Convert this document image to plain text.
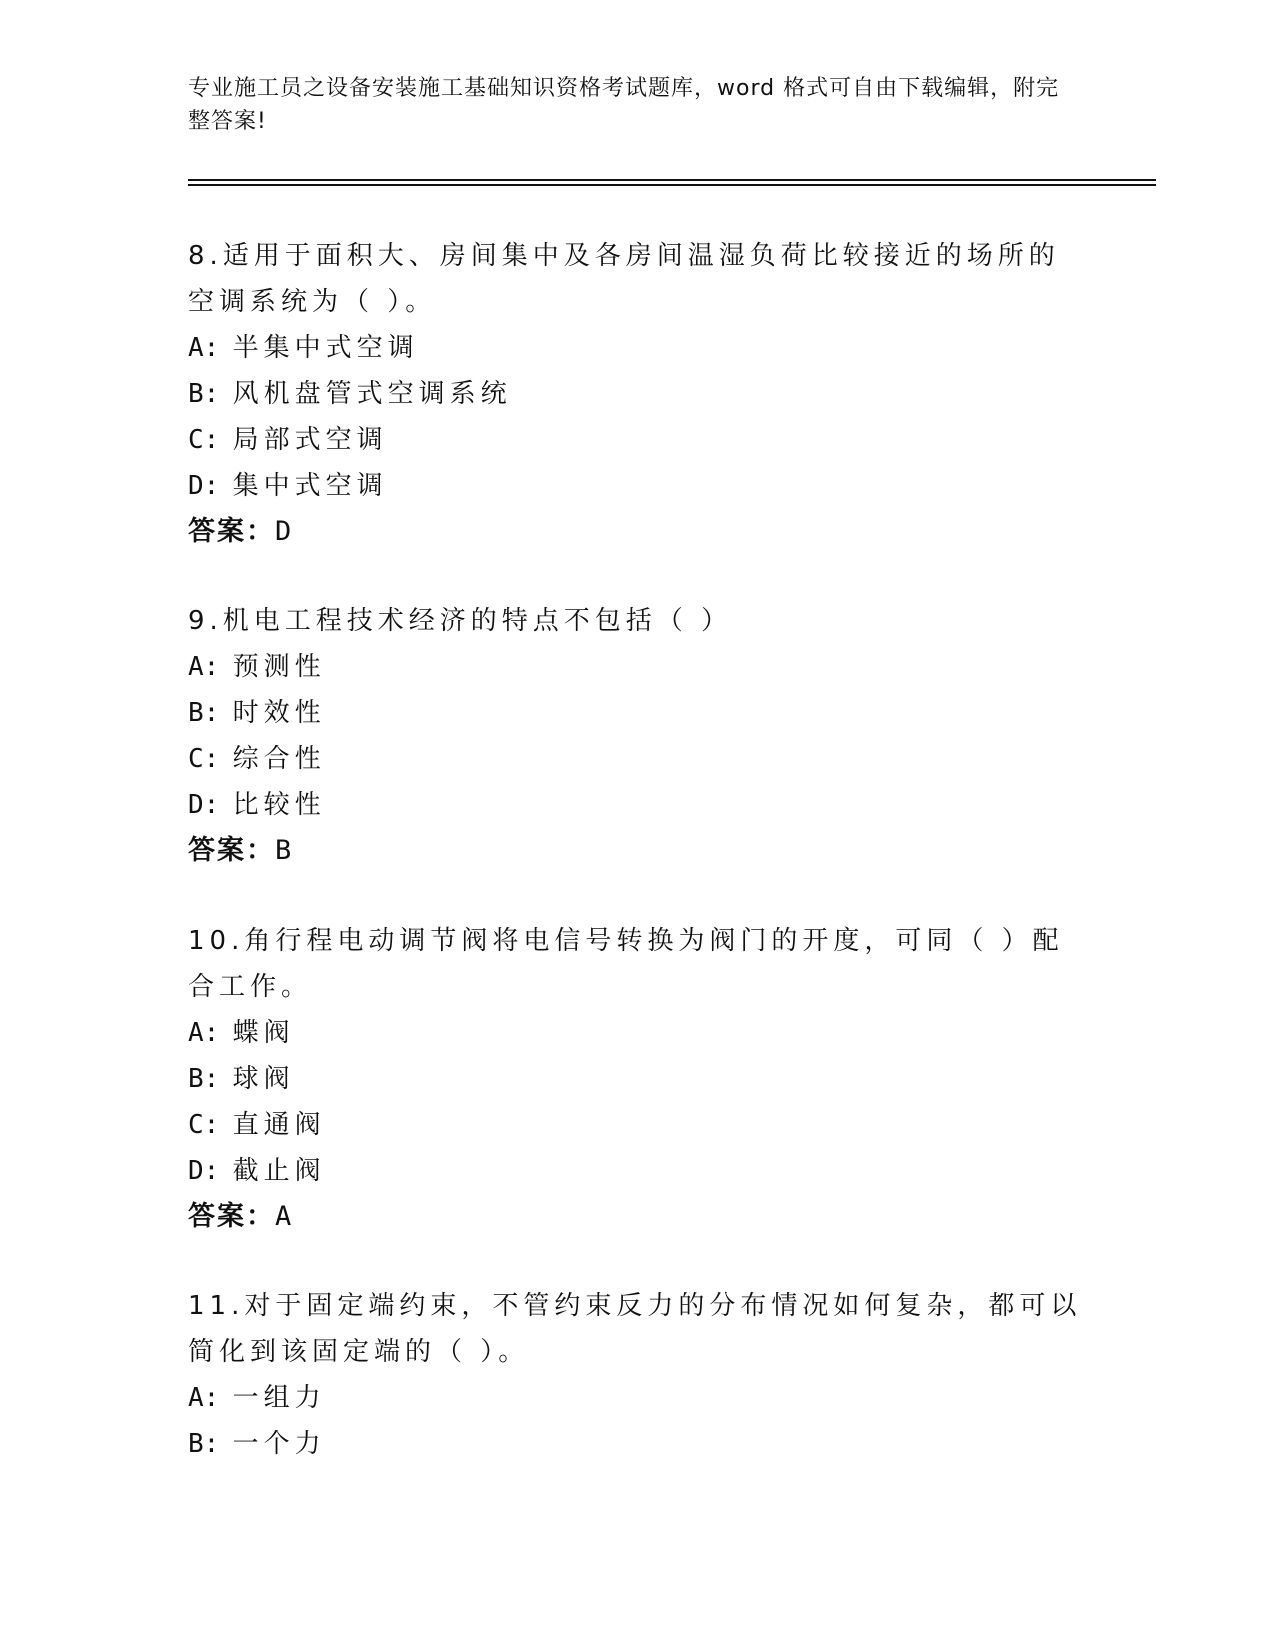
专业施工员之设备安装施工基础知识资格考试题库，word 格式可自由下载编辑，附完整答案!

8.适用于面积大、房间集中及各房间温湿负荷比较接近的场所的空调系统为（ ）。

A: 半集中式空调

B: 风机盘管式空调系统

C: 局部式空调

D: 集中式空调

答案：D

9.机电工程技术经济的特点不包括（ ）

A: 预测性

B: 时效性

C: 综合性

D: 比较性

答案：B

10.角行程电动调节阀将电信号转换为阀门的开度，可同（ ）配合工作。

A: 蝶阀

B: 球阀

C: 直通阀

D: 截止阀

答案：A

11.对于固定端约束，不管约束反力的分布情况如何复杂，都可以简化到该固定端的（ ）。

A: 一组力

B: 一个力
